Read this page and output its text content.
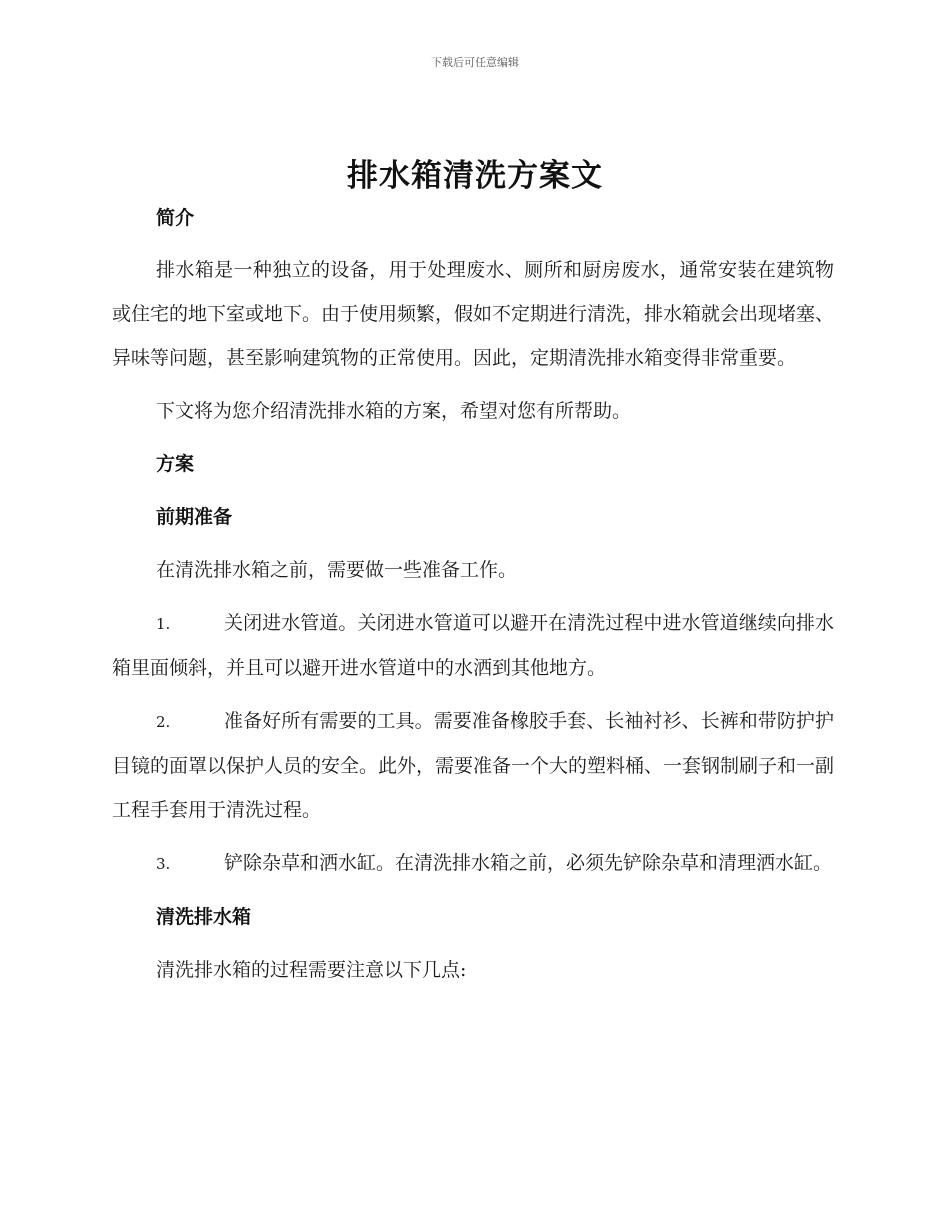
下载后可任意编辑
排水箱清洗方案文

简介

排水箱是一种独立的设备，用于处理废水、厕所和厨房废水，通常安装在建筑物或住宅的地下室或地下。由于使用频繁，假如不定期进行清洗，排水箱就会出现堵塞、异味等问题，甚至影响建筑物的正常使用。因此，定期清洗排水箱变得非常重要。

下文将为您介绍清洗排水箱的方案，希望对您有所帮助。

方案

前期准备

在清洗排水箱之前，需要做一些准备工作。

1.	关闭进水管道。关闭进水管道可以避开在清洗过程中进水管道继续向排水箱里面倾斜，并且可以避开进水管道中的水洒到其他地方。

2.	准备好所有需要的工具。需要准备橡胶手套、长袖衬衫、长裤和带防护护目镜的面罩以保护人员的安全。此外，需要准备一个大的塑料桶、一套钢制刷子和一副工程手套用于清洗过程。

3.	铲除杂草和洒水缸。在清洗排水箱之前，必须先铲除杂草和清理洒水缸。

清洗排水箱

清洗排水箱的过程需要注意以下几点:
